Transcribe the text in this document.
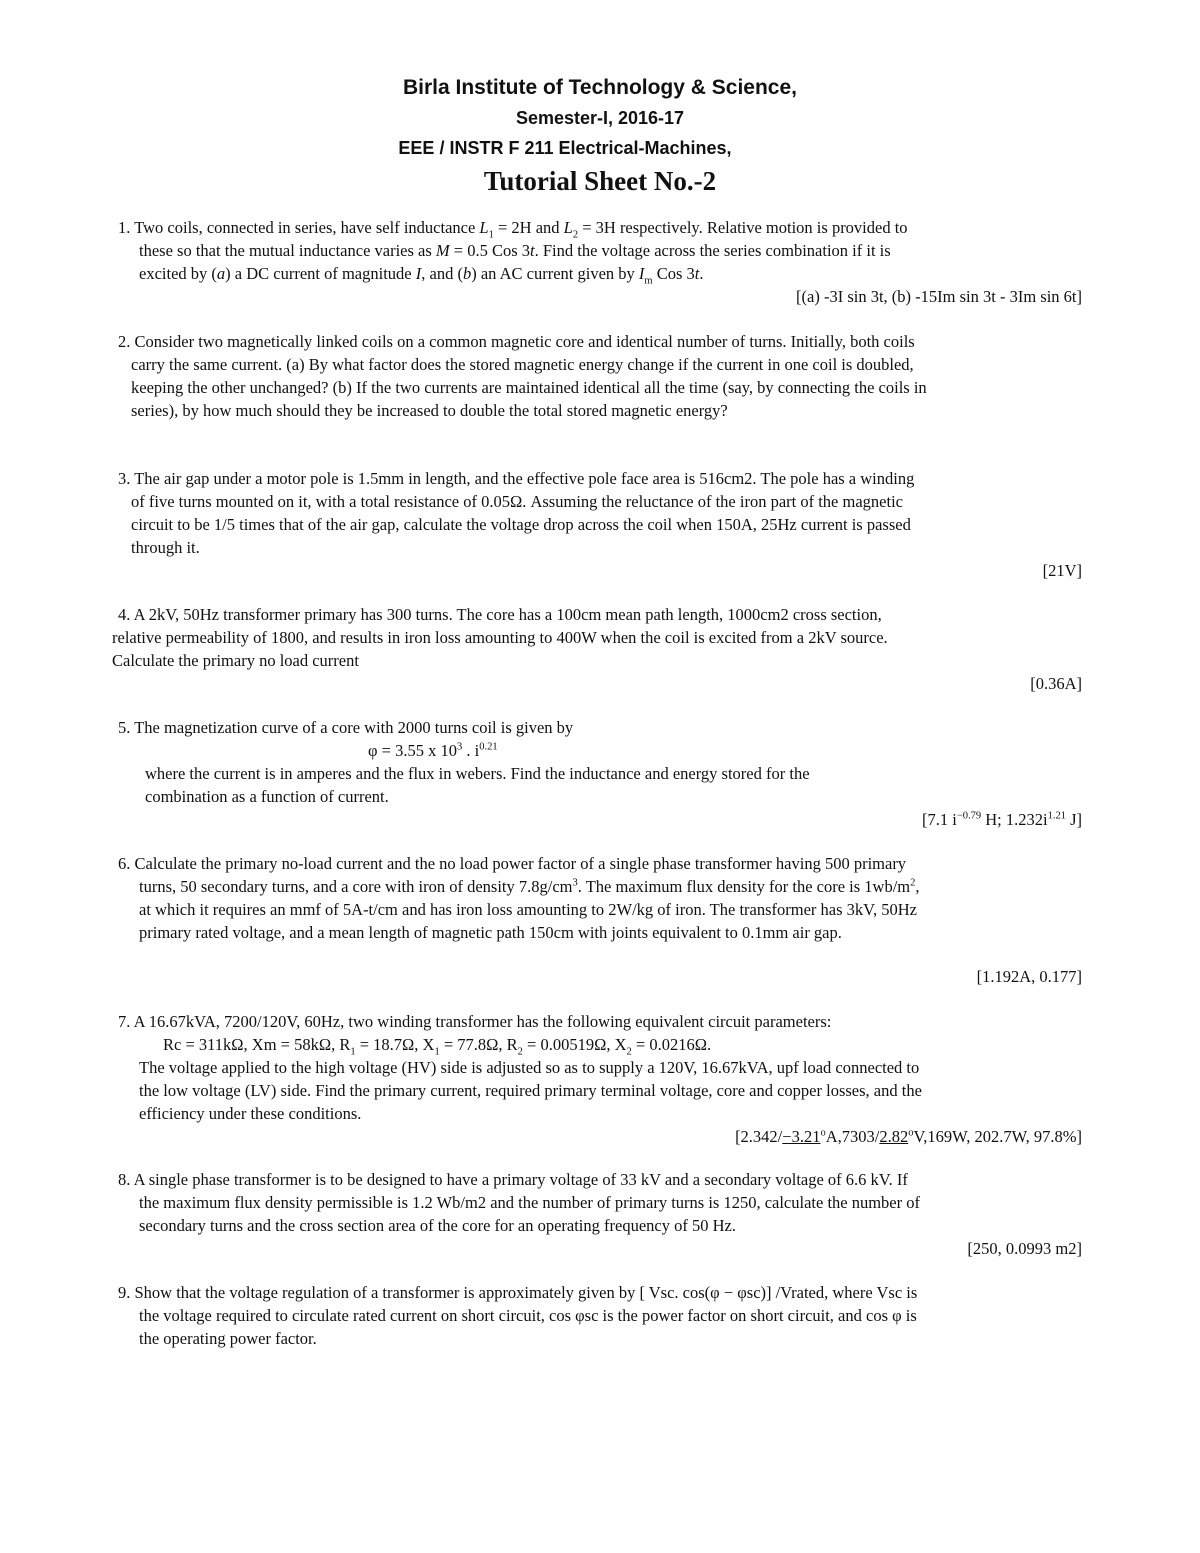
Birla Institute of Technology & Science,
Semester-I, 2016-17
EEE / INSTR F 211 Electrical-Machines,
Tutorial Sheet No.-2
1. Two coils, connected in series, have self inductance $L_1 = 2H$ and $L_2 = 3H$ respectively. Relative motion is provided to
these so that the mutual inductance varies as M = 0.5 Cos 3t. Find the voltage across the series combination if it is
excited by (a) a DC current of magnitude I, and (b) an AC current given by $I_m$ Cos 3t.
[(a) -3I sin 3t, (b) -15Im sin 3t - 3Im sin 6t]
2. Consider two magnetically linked coils on a common magnetic core and identical number of turns. Initially, both coils
carry the same current. (a) By what factor does the stored magnetic energy change if the current in one coil is doubled,
keeping the other unchanged? (b) If the two currents are maintained identical all the time (say, by connecting the coils in
series), by how much should they be increased to double the total stored magnetic energy?
3. The air gap under a motor pole is 1.5mm in length, and the effective pole face area is 516cm2. The pole has a winding
of five turns mounted on it, with a total resistance of 0.05Ω. Assuming the reluctance of the iron part of the magnetic
circuit to be 1/5 times that of the air gap, calculate the voltage drop across the coil when 150A, 25Hz current is passed
through it.
[21V]
4. A 2kV, 50Hz transformer primary has 300 turns. The core has a 100cm mean path length, 1000cm2 cross section,
relative permeability of 1800, and results in iron loss amounting to 400W when the coil is excited from a 2kV source.
Calculate the primary no load current
[0.36A]
5. The magnetization curve of a core with 2000 turns coil is given by
φ = 3.55 x $10^3$ . $i^{0.21}$
where the current is in amperes and the flux in webers. Find the inductance and energy stored for the
combination as a function of current.
[7.1 $i^{-0.79}$ H; $1.232i^{1.21}$ J]
6. Calculate the primary no-load current and the no load power factor of a single phase transformer having 500 primary
turns, 50 secondary turns, and a core with iron of density $7.8g/cm^3$. The maximum flux density for the core is $1wb/m^2$,
at which it requires an mmf of 5A-t/cm and has iron loss amounting to 2W/kg of iron. The transformer has 3kV, 50Hz
primary rated voltage, and a mean length of magnetic path 150cm with joints equivalent to 0.1mm air gap.
[1.192A, 0.177]
7. A 16.67kVA, 7200/120V, 60Hz, two winding transformer has the following equivalent circuit parameters:
Rc = 311kΩ, Xm = 58kΩ, $R_1 = 18.7\Omega$, $X_1 = 77.8\Omega$, $R_2 = 0.00519\Omega$, $X_2 = 0.0216\Omega$.
The voltage applied to the high voltage (HV) side is adjusted so as to supply a 120V, 16.67kVA, upf load connected to
the low voltage (LV) side. Find the primary current, required primary terminal voltage, core and copper losses, and the
efficiency under these conditions.
[$2.342/-3.21^oA,7303/2.82^oV,169W$, 202.7W, 97.8%]
8. A single phase transformer is to be designed to have a primary voltage of 33 kV and a secondary voltage of 6.6 kV. If
the maximum flux density permissible is 1.2 Wb/m2 and the number of primary turns is 1250, calculate the number of
secondary turns and the cross section area of the core for an operating frequency of 50 Hz.
[250, 0.0993 m2]
9. Show that the voltage regulation of a transformer is approximately given by [ Vsc. cos(φ − φsc)] /Vrated, where Vsc is
the voltage required to circulate rated current on short circuit, cos φsc is the power factor on short circuit, and cos φ is
the operating power factor.
